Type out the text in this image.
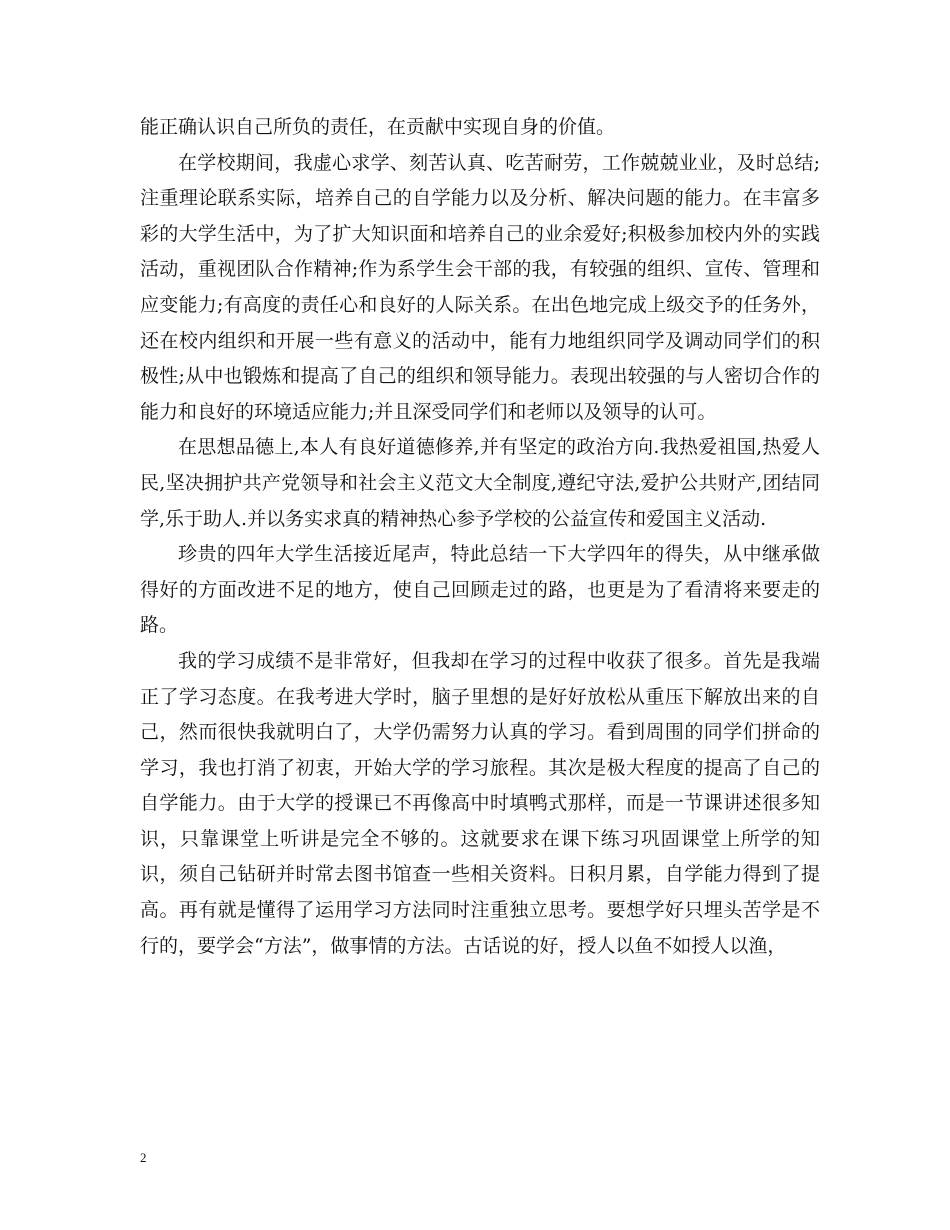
能正确认识自己所负的责任，在贡献中实现自身的价值。

在学校期间，我虚心求学、刻苦认真、吃苦耐劳，工作兢兢业业，及时总结;注重理论联系实际，培养自己的自学能力以及分析、解决问题的能力。在丰富多彩的大学生活中，为了扩大知识面和培养自己的业余爱好;积极参加校内外的实践活动，重视团队合作精神;作为系学生会干部的我，有较强的组织、宣传、管理和应变能力;有高度的责任心和良好的人际关系。在出色地完成上级交予的任务外，还在校内组织和开展一些有意义的活动中，能有力地组织同学及调动同学们的积极性;从中也锻炼和提高了自己的组织和领导能力。表现出较强的与人密切合作的能力和良好的环境适应能力;并且深受同学们和老师以及领导的认可。

在思想品德上,本人有良好道德修养,并有坚定的政治方向.我热爱祖国,热爱人民,坚决拥护共产党领导和社会主义范文大全制度,遵纪守法,爱护公共财产,团结同学,乐于助人.并以务实求真的精神热心参予学校的公益宣传和爱国主义活动.

珍贵的四年大学生活接近尾声，特此总结一下大学四年的得失，从中继承做得好的方面改进不足的地方，使自己回顾走过的路，也更是为了看清将来要走的路。

我的学习成绩不是非常好，但我却在学习的过程中收获了很多。首先是我端正了学习态度。在我考进大学时，脑子里想的是好好放松从重压下解放出来的自己，然而很快我就明白了，大学仍需努力认真的学习。看到周围的同学们拼命的学习，我也打消了初衷，开始大学的学习旅程。其次是极大程度的提高了自己的自学能力。由于大学的授课已不再像高中时填鸭式那样，而是一节课讲述很多知识，只靠课堂上听讲是完全不够的。这就要求在课下练习巩固课堂上所学的知识，须自己钻研并时常去图书馆查一些相关资料。日积月累，自学能力得到了提高。再有就是懂得了运用学习方法同时注重独立思考。要想学好只埋头苦学是不行的，要学会“方法”，做事情的方法。古话说的好，授人以鱼不如授人以渔，

2
